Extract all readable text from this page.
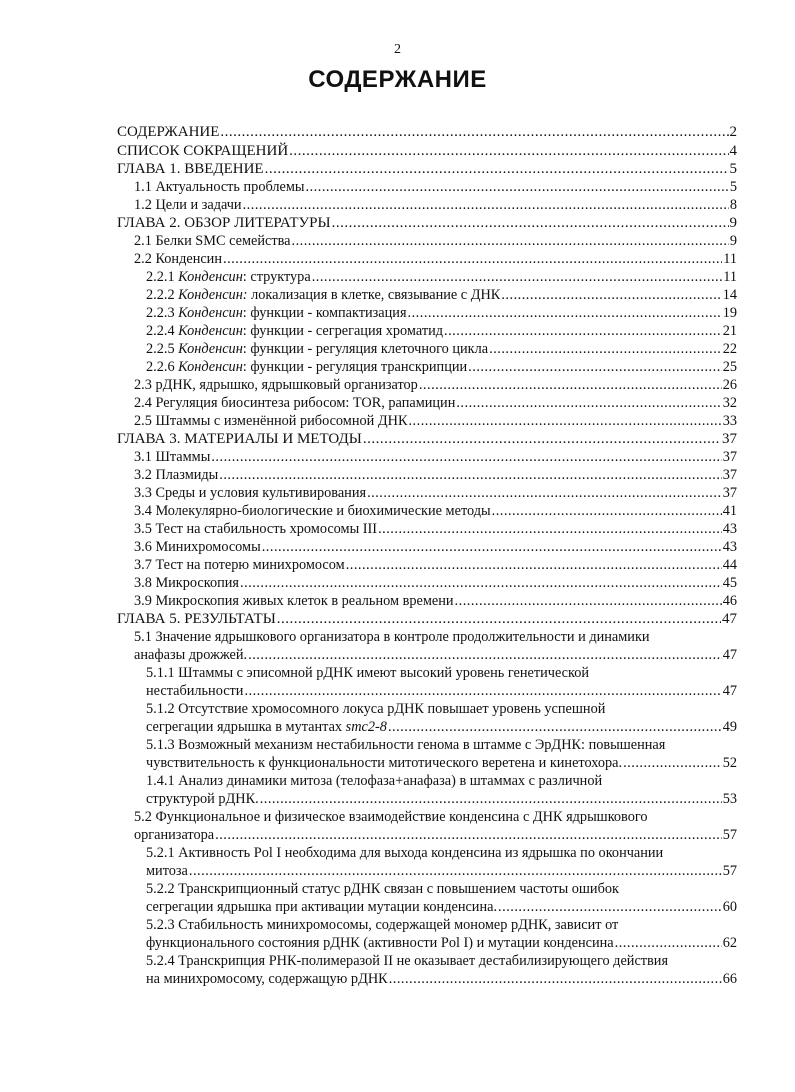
2
СОДЕРЖАНИЕ
СОДЕРЖАНИЕ .....	2
СПИСОК СОКРАЩЕНИЙ .....	4
ГЛАВА 1. ВВЕДЕНИЕ .....	5
1.1 Актуальность проблемы .....	5
1.2 Цели и задачи .....	8
ГЛАВА 2. ОБЗОР ЛИТЕРАТУРЫ .....	9
2.1 Белки SMC семейства .....	9
2.2 Конденсин .....	11
2.2.1 Конденсин: структура .....	11
2.2.2 Конденсин: локализация в клетке, связывание с ДНК .....	14
2.2.3 Конденсин: функции - компактизация .....	19
2.2.4 Конденсин: функции - сегрегация хроматид .....	21
2.2.5 Конденсин: функции - регуляция клеточного цикла .....	22
2.2.6 Конденсин: функции - регуляция транскрипции .....	25
2.3 рДНК, ядрышко, ядрышковый организатор .....	26
2.4 Регуляция биосинтеза рибосом: TOR, рапамицин .....	32
2.5 Штаммы с изменённой рибосомной ДНК .....	33
ГЛАВА 3. МАТЕРИАЛЫ И МЕТОДЫ .....	37
3.1 Штаммы .....	37
3.2 Плазмиды .....	37
3.3 Среды и условия культивирования .....	37
3.4 Молекулярно-биологические и биохимические методы .....	41
3.5 Тест на стабильность хромосомы III .....	43
3.6 Минихромосомы .....	43
3.7 Тест на потерю минихромосом .....	44
3.8 Микроскопия .....	45
3.9 Микроскопия живых клеток в реальном времени .....	46
ГЛАВА 5. РЕЗУЛЬТАТЫ .....	47
5.1 Значение ядрышкового организатора в контроле продолжительности и динамики
анафазы дрожжей. .....	47
5.1.1 Штаммы с эписомной рДНК имеют высокий уровень генетической
нестабильности .....	47
5.1.2 Отсутствие хромосомного локуса рДНК повышает уровень успешной
сегрегации ядрышка в мутантах smc2-8 .....	49
5.1.3 Возможный механизм нестабильности генома в штамме с ЭрДНК: повышенная
чувствительность к функциональности митотического веретена и кинетохора. .....	52
1.4.1 Анализ динамики митоза (телофаза+анафаза) в штаммах с различной
структурой рДНК. .....	53
5.2 Функциональное и физическое взаимодействие конденсина с ДНК ядрышкового
организатора .....	57
5.2.1 Активность Pol I необходима для выхода конденсина из ядрышка по окончании
митоза .....	57
5.2.2 Транскрипционный статус рДНК связан с повышением частоты ошибок
сегрегации ядрышка при активации мутации конденсина. .....	60
5.2.3 Стабильность минихромосомы, содержащей мономер рДНК, зависит от
функционального состояния рДНК (активности Pol I) и мутации конденсина .....	62
5.2.4 Транскрипция РНК-полимеразой II не оказывает дестабилизирующего действия
на минихромосому, содержащую рДНК .....	66
